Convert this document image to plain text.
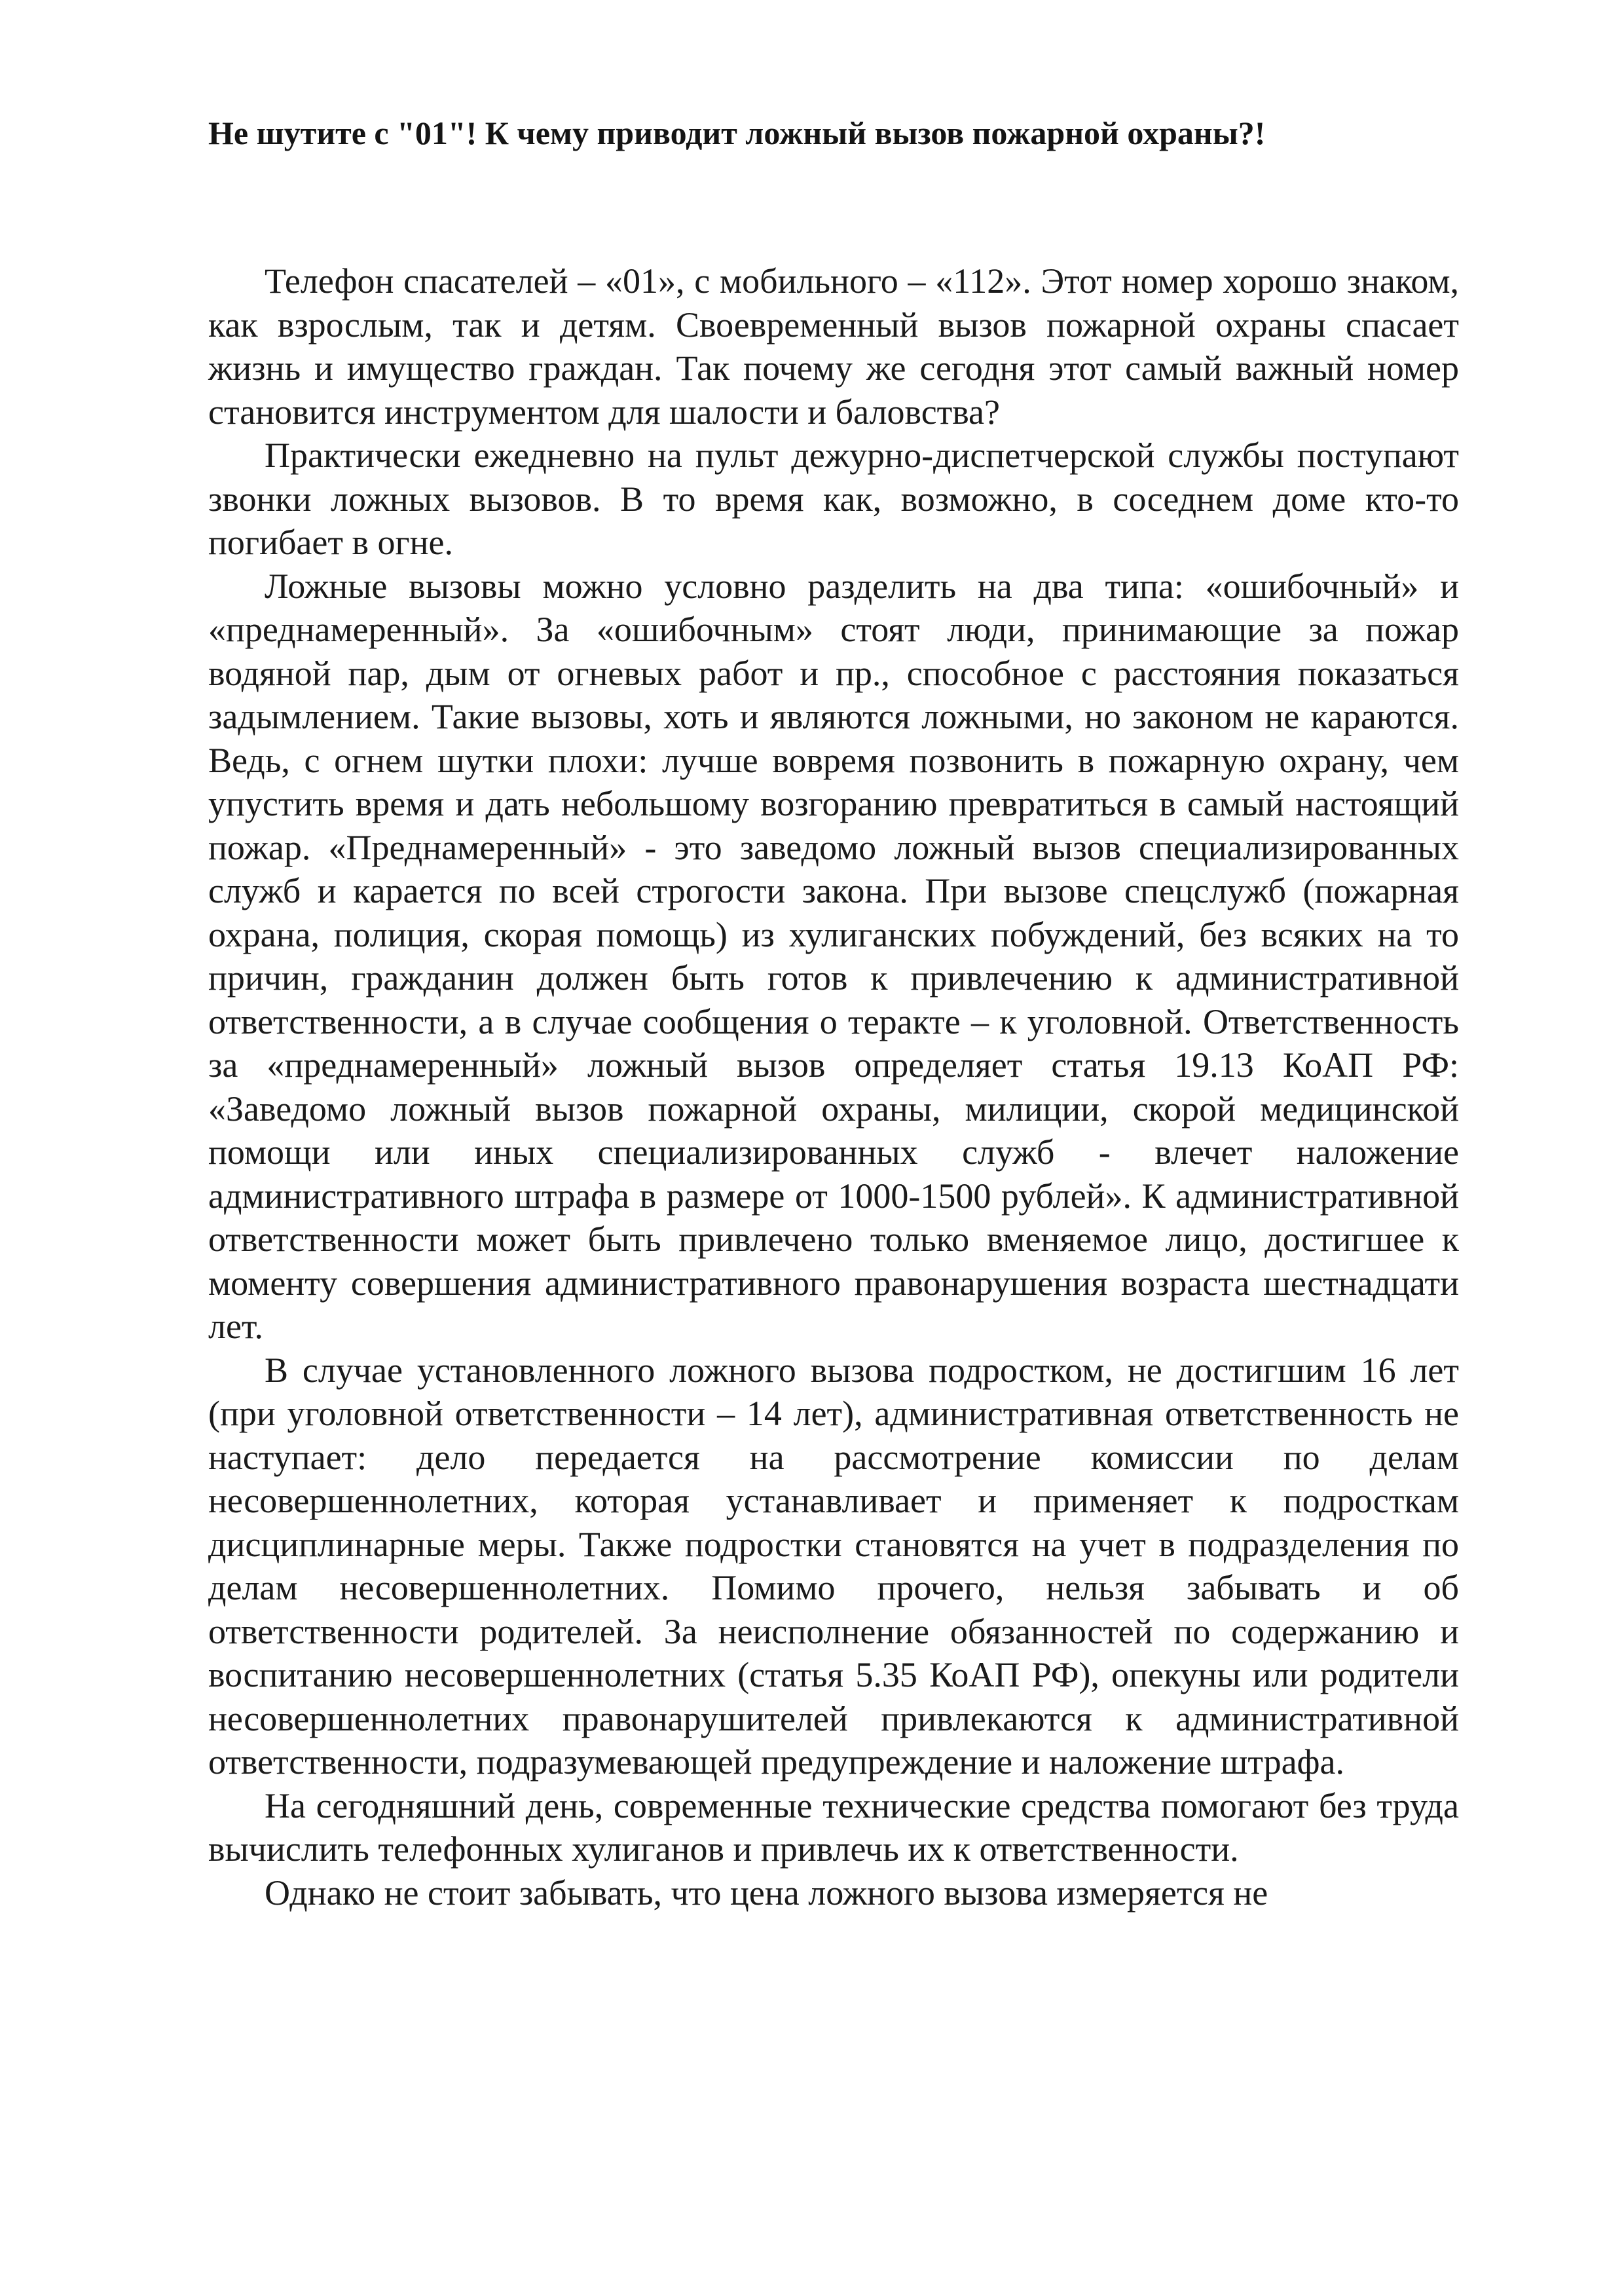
Не шутите с "01"! К чему приводит ложный вызов пожарной охраны?!

Телефон спасателей – «01», с мобильного – «112». Этот номер хорошо знаком, как взрослым, так и детям. Своевременный вызов пожарной охраны спасает жизнь и имущество граждан. Так почему же сегодня этот самый важный номер становится инструментом для шалости и баловства?

Практически ежедневно на пульт дежурно-диспетчерской службы поступают звонки ложных вызовов. В то время как, возможно, в соседнем доме кто-то погибает в огне.

Ложные вызовы можно условно разделить на два типа: «ошибочный» и «преднамеренный». За «ошибочным» стоят люди, принимающие за пожар водяной пар, дым от огневых работ и пр., способное с расстояния показаться задымлением. Такие вызовы, хоть и являются ложными, но законом не караются. Ведь, с огнем шутки плохи: лучше вовремя позвонить в пожарную охрану, чем упустить время и дать небольшому возгоранию превратиться в самый настоящий пожар. «Преднамеренный» - это заведомо ложный вызов специализированных служб и карается по всей строгости закона. При вызове спецслужб (пожарная охрана, полиция, скорая помощь) из хулиганских побуждений, без всяких на то причин, гражданин должен быть готов к привлечению к административной ответственности, а в случае сообщения о теракте – к уголовной. Ответственность за «преднамеренный» ложный вызов определяет статья 19.13 КоАП РФ: «Заведомо ложный вызов пожарной охраны, милиции, скорой медицинской помощи или иных специализированных служб - влечет наложение административного штрафа в размере от 1000-1500 рублей». К административной ответственности может быть привлечено только вменяемое лицо, достигшее к моменту совершения административного правонарушения возраста шестнадцати лет.

В случае установленного ложного вызова подростком, не достигшим 16 лет (при уголовной ответственности – 14 лет), административная ответственность не наступает: дело передается на рассмотрение комиссии по делам несовершеннолетних, которая устанавливает и применяет к подросткам дисциплинарные меры. Также подростки становятся на учет в подразделения по делам несовершеннолетних. Помимо прочего, нельзя забывать и об ответственности родителей. За неисполнение обязанностей по содержанию и воспитанию несовершеннолетних (статья 5.35 КоАП РФ), опекуны или родители несовершеннолетних правонарушителей привлекаются к административной ответственности, подразумевающей предупреждение и наложение штрафа.

На сегодняшний день, современные технические средства помогают без труда вычислить телефонных хулиганов и привлечь их к ответственности.

Однако не стоит забывать, что цена ложного вызова измеряется не
